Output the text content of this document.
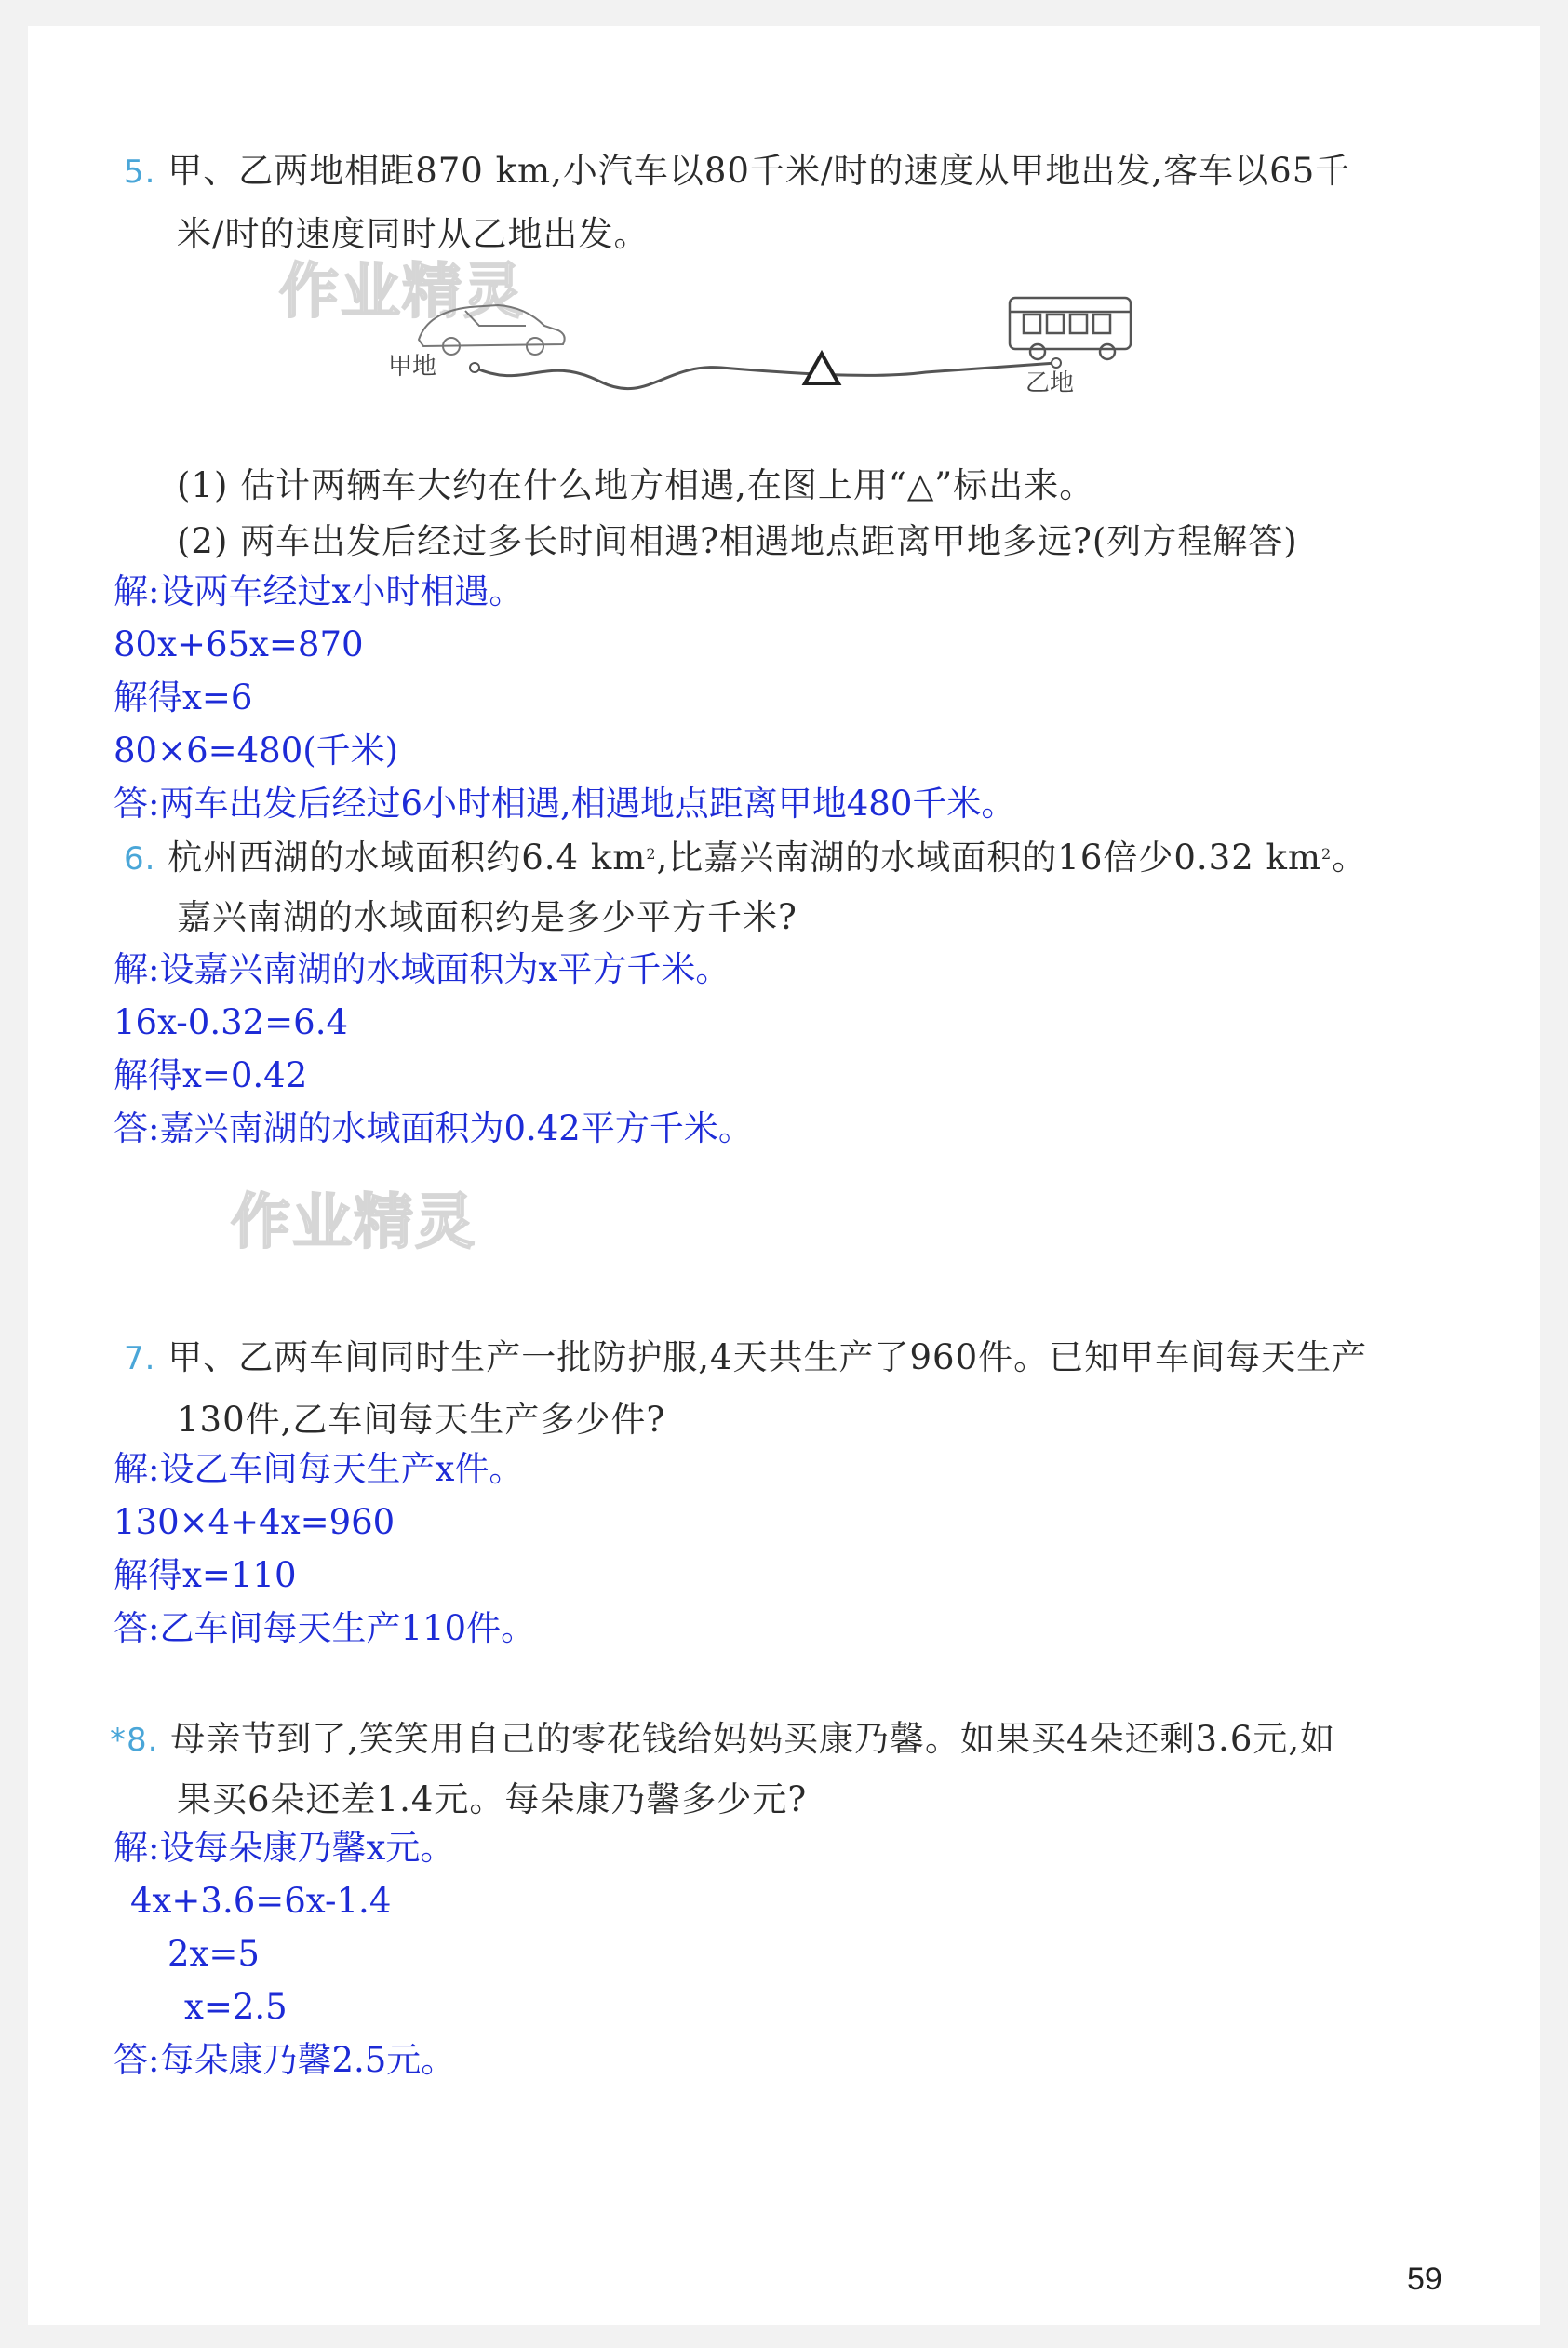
5. 甲、乙两地相距870 km,小汽车以80千米/时的速度从甲地出发,客车以65千
米/时的速度同时从乙地出发。
作业精灵
甲地
乙地
(1) 估计两辆车大约在什么地方相遇,在图上用“△”标出来。
(2) 两车出发后经过多长时间相遇?相遇地点距离甲地多远?(列方程解答)
解:设两车经过x小时相遇。
80x+65x=870
解得x=6
80×6=480(千米)
答:两车出发后经过6小时相遇,相遇地点距离甲地480千米。
6. 杭州西湖的水域面积约6.4 $km^2$,比嘉兴南湖的水域面积的16倍少0.32 $km^2$。
嘉兴南湖的水域面积约是多少平方千米?
解:设嘉兴南湖的水域面积为x平方千米。
16x-0.32=6.4
解得x=0.42
答:嘉兴南湖的水域面积为0.42平方千米。
作业精灵
7. 甲、乙两车间同时生产一批防护服,4天共生产了960件。已知甲车间每天生产
130件,乙车间每天生产多少件?
解:设乙车间每天生产x件。
130×4+4x=960
解得x=110
答:乙车间每天生产110件。
*8. 母亲节到了,笑笑用自己的零花钱给妈妈买康乃馨。如果买4朵还剩3.6元,如
果买6朵还差1.4元。每朵康乃馨多少元?
解:设每朵康乃馨x元。
4x+3.6=6x-1.4
2x=5
x=2.5
答:每朵康乃馨2.5元。
59
